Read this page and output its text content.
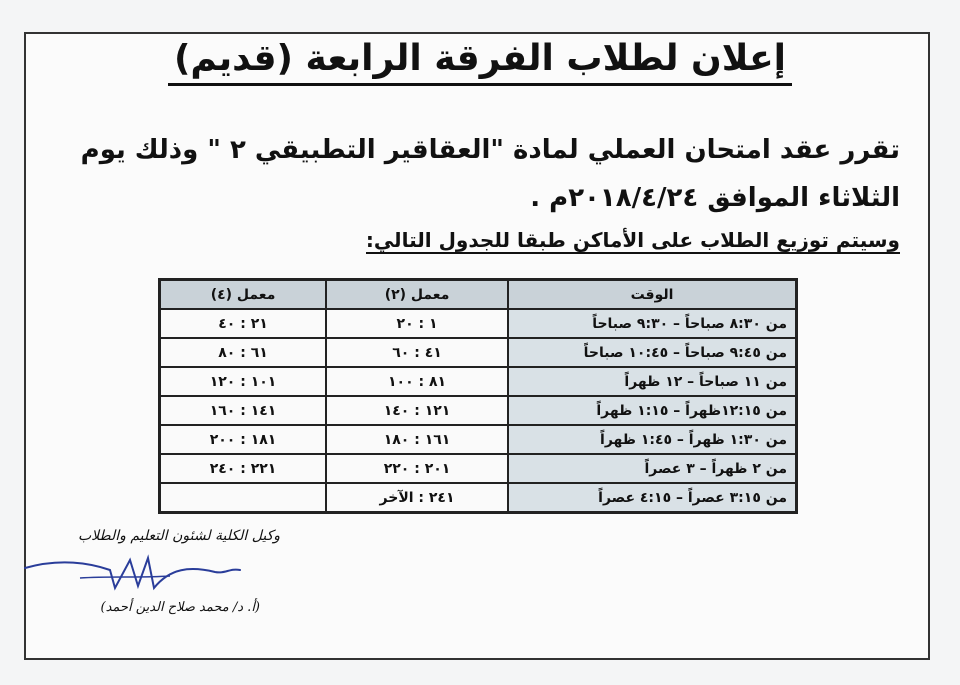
إعلان لطلاب الفرقة الرابعة (قديم)
تقرر عقد امتحان العملي لمادة "العقاقير التطبيقي ٢ " وذلك يوم الثلاثاء الموافق ٢٠١٨/٤/٢٤م .
وسيتم توزيع الطلاب على الأماكن طبقا للجدول التالي:
الوقت	معمل (٢)	معمل (٤)
من ٨:٣٠ صباحاً – ٩:٣٠ صباحاً	١ : ٢٠	٢١ : ٤٠
من ٩:٤٥ صباحاً – ١٠:٤٥ صباحاً	٤١ : ٦٠	٦١ : ٨٠
من ١١ صباحاً – ١٢ ظهراً	٨١ : ١٠٠	١٠١ : ١٢٠
من ١٢:١٥ظهراً – ١:١٥ ظهراً	١٢١ : ١٤٠	١٤١ : ١٦٠
من ١:٣٠ ظهراً – ١:٤٥ ظهراً	١٦١ : ١٨٠	١٨١ : ٢٠٠
من ٢ ظهراً – ٣ عصراً	٢٠١ : ٢٢٠	٢٢١ : ٢٤٠
من ٣:١٥ عصراً – ٤:١٥ عصراً	٢٤١ : الآخر	
وكيل الكلية لشئون التعليم والطلاب
(أ. د/ محمد صلاح الدين أحمد)
